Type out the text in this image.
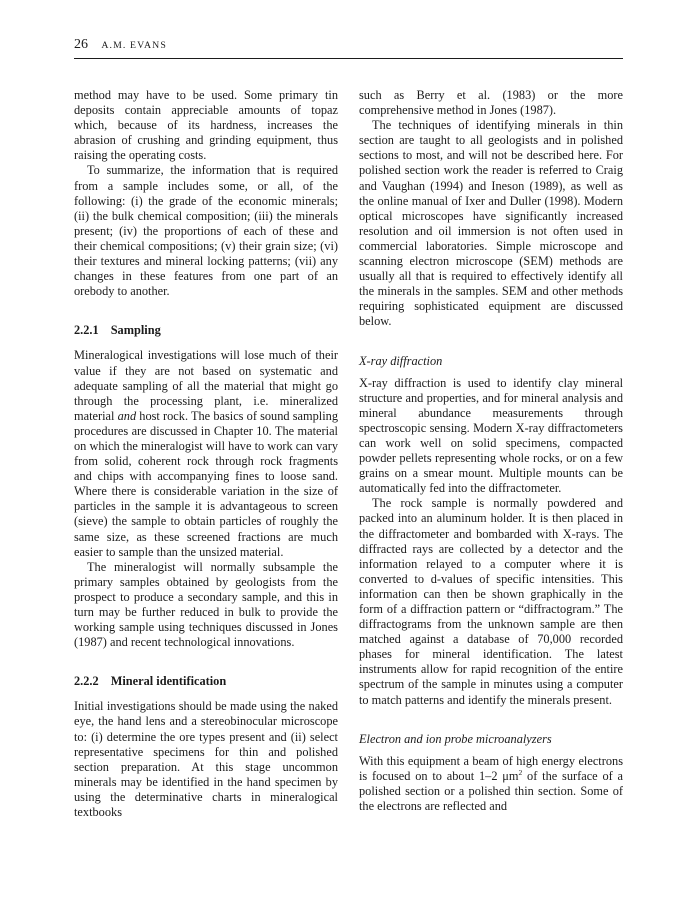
26 A.M. EVANS

method may have to be used. Some primary tin deposits contain appreciable amounts of topaz which, because of its hardness, increases the abrasion of crushing and grinding equipment, thus raising the operating costs.

To summarize, the information that is required from a sample includes some, or all, of the following: (i) the grade of the economic minerals; (ii) the bulk chemical composition; (iii) the minerals present; (iv) the proportions of each of these and their chemical compositions; (v) their grain size; (vi) their textures and mineral locking patterns; (vii) any changes in these features from one part of an orebody to another.

2.2.1 Sampling

Mineralogical investigations will lose much of their value if they are not based on systematic and adequate sampling of all the material that might go through the processing plant, i.e. mineralized material and host rock. The basics of sound sampling procedures are discussed in Chapter 10. The material on which the mineralogist will have to work can vary from solid, coherent rock through rock fragments and chips with accompanying fines to loose sand. Where there is considerable variation in the size of particles in the sample it is advantageous to screen (sieve) the sample to obtain particles of roughly the same size, as these screened fractions are much easier to sample than the unsized material.

The mineralogist will normally subsample the primary samples obtained by geologists from the prospect to produce a secondary sample, and this in turn may be further reduced in bulk to provide the working sample using techniques discussed in Jones (1987) and recent technological innovations.

2.2.2 Mineral identification

Initial investigations should be made using the naked eye, the hand lens and a stereobinocular microscope to: (i) determine the ore types present and (ii) select representative specimens for thin and polished section preparation. At this stage uncommon minerals may be identified in the hand specimen by using the determinative charts in mineralogical textbooks

such as Berry et al. (1983) or the more comprehensive method in Jones (1987).

The techniques of identifying minerals in thin section are taught to all geologists and in polished sections to most, and will not be described here. For polished section work the reader is referred to Craig and Vaughan (1994) and Ineson (1989), as well as the online manual of Ixer and Duller (1998). Modern optical microscopes have significantly increased resolution and oil immersion is not often used in commercial laboratories. Simple microscope and scanning electron microscope (SEM) methods are usually all that is required to effectively identify all the minerals in the samples. SEM and other methods requiring sophisticated equipment are discussed below.

X-ray diffraction

X-ray diffraction is used to identify clay mineral structure and properties, and for mineral analysis and mineral abundance measurements through spectroscopic sensing. Modern X-ray diffractometers can work well on solid specimens, compacted powder pellets representing whole rocks, or on a few grains on a smear mount. Multiple mounts can be automatically fed into the diffractometer.

The rock sample is normally powdered and packed into an aluminum holder. It is then placed in the diffractometer and bombarded with X-rays. The diffracted rays are collected by a detector and the information relayed to a computer where it is converted to d-values of specific intensities. This information can then be shown graphically in the form of a diffraction pattern or “diffractogram.” The diffractograms from the unknown sample are then matched against a database of 70,000 recorded phases for mineral identification. The latest instruments allow for rapid recognition of the entire spectrum of the sample in minutes using a computer to match patterns and identify the minerals present.

Electron and ion probe microanalyzers

With this equipment a beam of high energy electrons is focused on to about 1–2 $\mu m^2$ of the surface of a polished section or a polished thin section. Some of the electrons are reflected and
